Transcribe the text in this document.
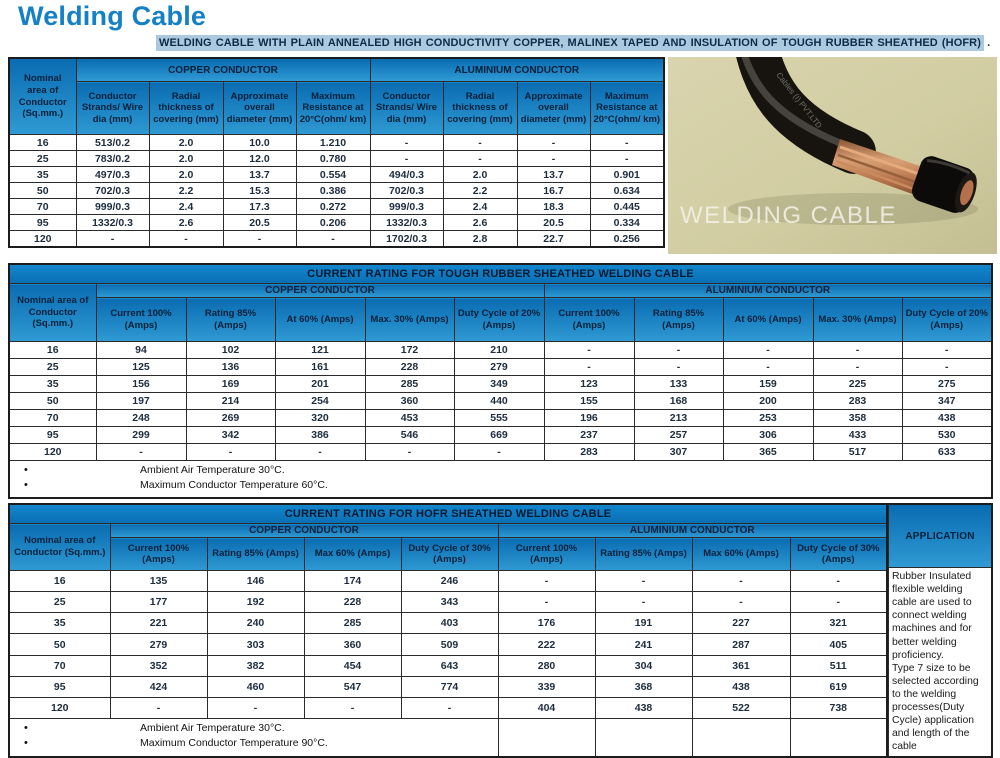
Welding Cable
WELDING CABLE WITH PLAIN ANNEALED HIGH CONDUCTIVITY COPPER, MALINEX TAPED AND INSULATION OF TOUGH RUBBER SHEATHED (HOFR) .
Nominal area of Conductor (Sq.mm.)	COPPER CONDUCTOR				ALUMINIUM CONDUCTOR			
	Conductor Strands/ Wire dia (mm)	Radial thickness of covering (mm)	Approximate overall diameter (mm)	Maximum Resistance at 20°C(ohm/ km)	Conductor Strands/ Wire dia (mm)	Radial thickness of covering (mm)	Approximate overall diameter (mm)	Maximum Resistance at 20°C(ohm/ km)
16	513/0.2	2.0	10.0	1.210	-	-	-	-
25	783/0.2	2.0	12.0	0.780	-	-	-	-
35	497/0.3	2.0	13.7	0.554	494/0.3	2.0	13.7	0.901
50	702/0.3	2.2	15.3	0.386	702/0.3	2.2	16.7	0.634
70	999/0.3	2.4	17.3	0.272	999/0.3	2.4	18.3	0.445
95	1332/0.3	2.6	20.5	0.206	1332/0.3	2.6	20.5	0.334
120	-	-	-	-	1702/0.3	2.8	22.7	0.256
Cables (I) PVT.LTD
WELDING CABLE
CURRENT RATING FOR TOUGH RUBBER SHEATHED WELDING CABLE										
Nominal area of Conductor (Sq.mm.)	COPPER CONDUCTOR					ALUMINIUM CONDUCTOR				
	Current 100% (Amps)	Rating 85% (Amps)	At 60% (Amps)	Max. 30% (Amps)	Duty Cycle of 20% (Amps)	Current 100% (Amps)	Rating 85% (Amps)	At 60% (Amps)	Max. 30% (Amps)	Duty Cycle of 20% (Amps)
16	94	102	121	172	210	-	-	-	-	-
25	125	136	161	228	279	-	-	-	-	-
35	156	169	201	285	349	123	133	159	225	275
50	197	214	254	360	440	155	168	200	283	347
70	248	269	320	453	555	196	213	253	358	438
95	299	342	386	546	669	237	257	306	433	530
120	-	-	-	-	-	283	307	365	517	633

• Ambient Air Temperature 30°C.
• Maximum Conductor Temperature 60°C.
CURRENT RATING FOR HOFR SHEATHED WELDING CABLE								
Nominal area of Conductor (Sq.mm.)	COPPER CONDUCTOR				ALUMINIUM CONDUCTOR			
	Current 100% (Amps)	Rating 85% (Amps)	Max 60% (Amps)	Duty Cycle of 30% (Amps)	Current 100% (Amps)	Rating 85% (Amps)	Max 60% (Amps)	Duty Cycle of 30% (Amps)
16	135	146	174	246	-	-	-	-
25	177	192	228	343	-	-	-	-
35	221	240	285	403	176	191	227	321
50	279	303	360	509	222	241	287	405
70	352	382	454	643	280	304	361	511
95	424	460	547	774	339	368	438	619
120	-	-	-	-	404	438	522	738

• Ambient Air Temperature 30°C.
• Maximum Conductor Temperature 90°C.

APPLICATION
Rubber Insulated flexible welding cable are used to connect welding machines and for better welding proficiency.
Type 7 size to be selected according to the welding processes(Duty Cycle) application and length of the cable
